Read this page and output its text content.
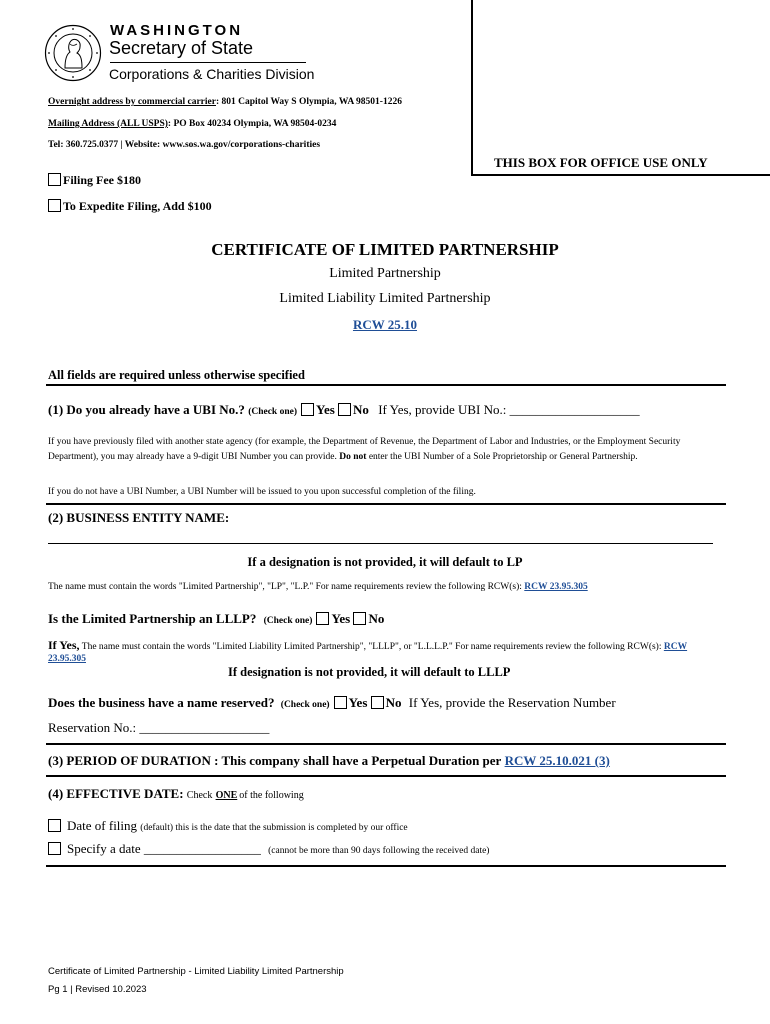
WASHINGTON
Secretary of State
Corporations & Charities Division
Overnight address by commercial carrier: 801 Capitol Way S Olympia, WA 98501-1226
Mailing Address (ALL USPS): PO Box 40234 Olympia, WA 98504-0234
Tel: 360.725.0377 | Website: www.sos.wa.gov/corporations-charities
THIS BOX FOR OFFICE USE ONLY
Filing Fee $180
To Expedite Filing, Add $100
CERTIFICATE OF LIMITED PARTNERSHIP
Limited Partnership
Limited Liability Limited Partnership
RCW 25.10
All fields are required unless otherwise specified
(1) Do you already have a UBI No.? (Check one) Yes No If Yes, provide UBI No.: ____________________
If you have previously filed with another state agency (for example, the Department of Revenue, the Department of Labor and Industries, or the Employment Security Department), you may already have a 9-digit UBI Number you can provide. Do not enter the UBI Number of a Sole Proprietorship or General Partnership.
If you do not have a UBI Number, a UBI Number will be issued to you upon successful completion of the filing.
(2) BUSINESS ENTITY NAME:
If a designation is not provided, it will default to LP
The name must contain the words "Limited Partnership", "LP", "L.P." For name requirements review the following RCW(s): RCW 23.95.305
Is the Limited Partnership an LLLP? (Check one) Yes No
If Yes, The name must contain the words "Limited Liability Limited Partnership", "LLLP", or "L.L.L.P." For name requirements review the following RCW(s): RCW 23.95.305
If designation is not provided, it will default to LLLP
Does the business have a name reserved? (Check one) Yes No If Yes, provide the Reservation Number
Reservation No.: ____________________
(3) PERIOD OF DURATION : This company shall have a Perpetual Duration per RCW 25.10.021 (3)
(4) EFFECTIVE DATE: Check ONE of the following
Date of filing (default) this is the date that the submission is completed by our office
Specify a date __________________ (cannot be more than 90 days following the received date)
Certificate of Limited Partnership - Limited Liability Limited Partnership
Pg 1 | Revised 10.2023
